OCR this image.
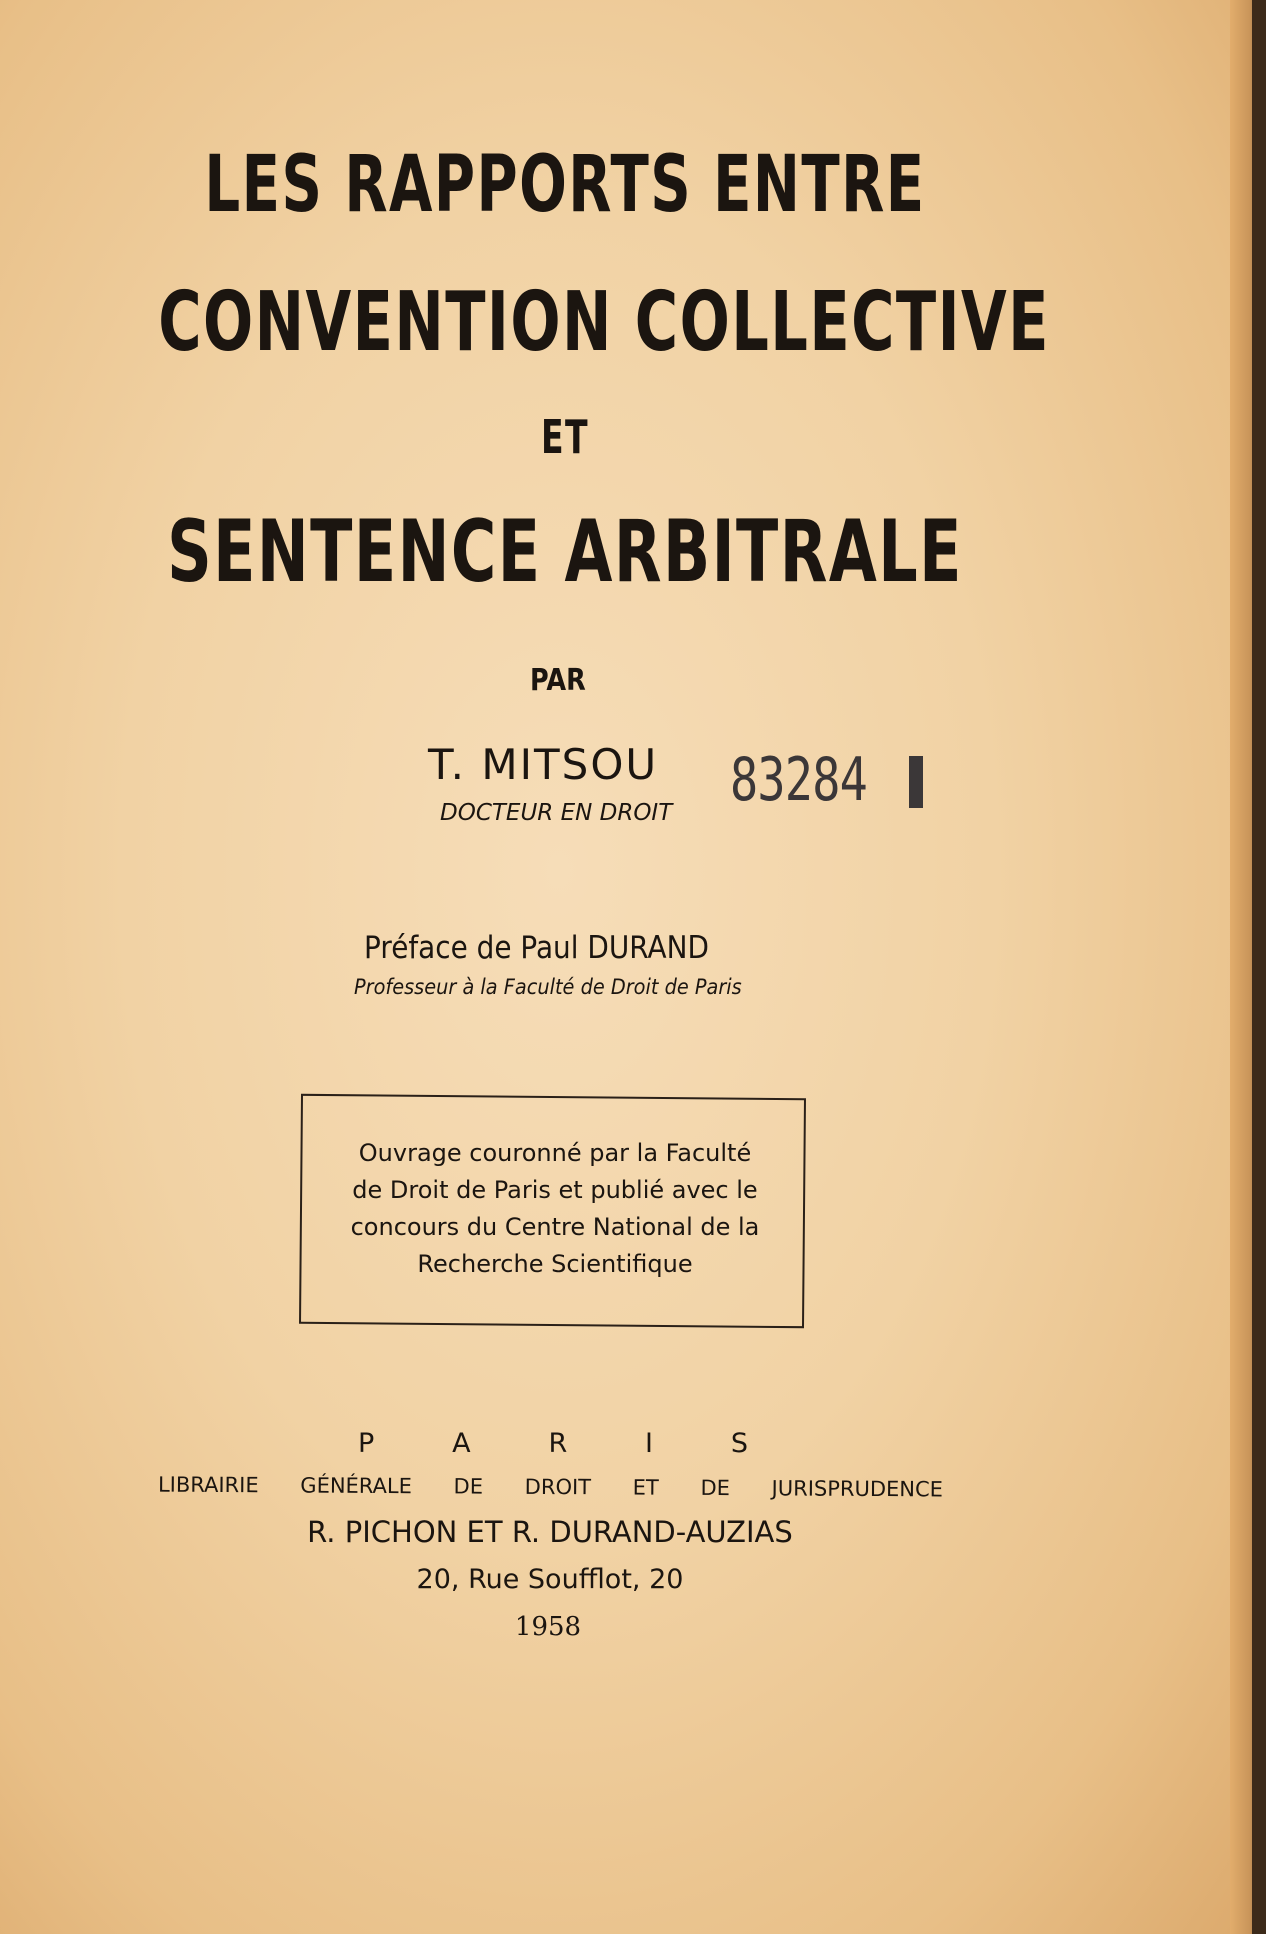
LES RAPPORTS ENTRE
CONVENTION COLLECTIVE
ET
SENTENCE ARBITRALE
PAR
T. MITSOU
DOCTEUR EN DROIT 83284
Préface de Paul DURAND
Professeur à la Faculté de Droit de Paris
Ouvrage couronné par la Faculté
de Droit de Paris et publié avec le
concours du Centre National de la
Recherche Scientifique
P	A	R	I	S
LIBRAIRIE GÉNÉRALE DE DROIT ET DE JURISPRUDENCE
R. PICHON ET R. DURAND-AUZIAS
20, Rue Soufflot, 20
1958
